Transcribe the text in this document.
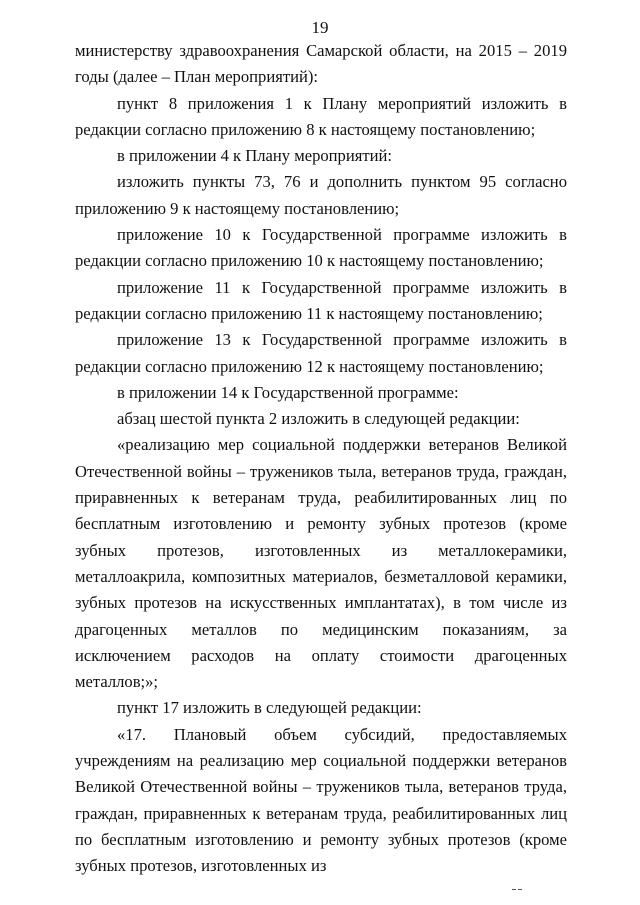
19

министерству здравоохранения Самарской области, на 2015 – 2019 годы (далее – План мероприятий):

пункт 8 приложения 1 к Плану мероприятий изложить в редакции согласно приложению 8 к настоящему постановлению;

в приложении 4 к Плану мероприятий:

изложить пункты 73, 76 и дополнить пунктом 95 согласно приложению 9 к настоящему постановлению;

приложение 10 к Государственной программе изложить в редакции согласно приложению 10 к настоящему постановлению;

приложение 11 к Государственной программе изложить в редакции согласно приложению 11 к настоящему постановлению;

приложение 13 к Государственной программе изложить в редакции согласно приложению 12 к настоящему постановлению;

в приложении 14 к Государственной программе:

абзац шестой пункта 2 изложить в следующей редакции:

«реализацию мер социальной поддержки ветеранов Великой Отечественной войны – тружеников тыла, ветеранов труда, граждан, приравненных к ветеранам труда, реабилитированных лиц по бесплатным изготовлению и ремонту зубных протезов (кроме зубных протезов, изготовленных из металлокерамики, металлоакрила, композитных материалов, безметалловой керамики, зубных протезов на искусственных имплантатах), в том числе из драгоценных металлов по медицинским показаниям, за исключением расходов на оплату стоимости драгоценных металлов;»;

пункт 17 изложить в следующей редакции:

«17. Плановый объем субсидий, предоставляемых учреждениям на реализацию мер социальной поддержки ветеранов Великой Отечественной войны – тружеников тыла, ветеранов труда, граждан, приравненных к ветеранам труда, реабилитированных лиц по бесплатным изготовлению и ремонту зубных протезов (кроме зубных протезов, изготовленных из
